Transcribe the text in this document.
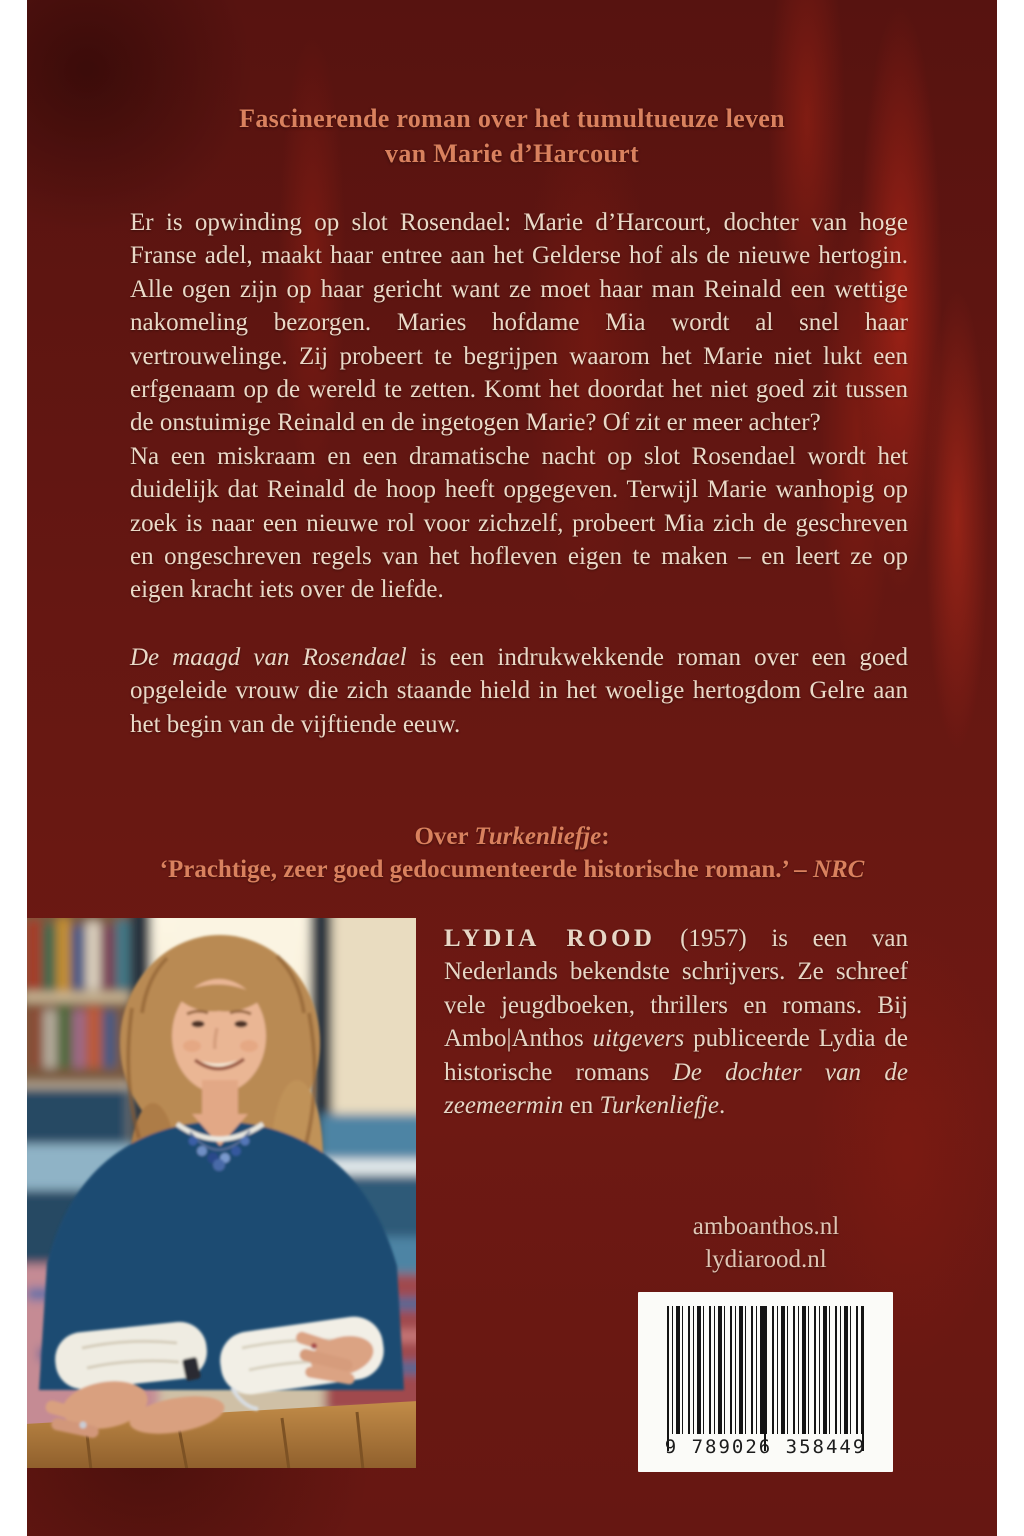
Fascinerende roman over het tumultueuze leven
van Marie d’Harcourt

Er is opwinding op slot Rosendael: Marie d’Harcourt, dochter van hoge Franse adel, maakt haar entree aan het Gelderse hof als de nieuwe hertogin. Alle ogen zijn op haar gericht want ze moet haar man Reinald een wettige nakomeling bezorgen. Maries hofdame Mia wordt al snel haar vertrouwelinge. Zij probeert te begrijpen waarom het Marie niet lukt een erfgenaam op de wereld te zetten. Komt het doordat het niet goed zit tussen de onstuimige Reinald en de ingetogen Marie? Of zit er meer achter?

Na een miskraam en een dramatische nacht op slot Rosendael wordt het duidelijk dat Reinald de hoop heeft opgegeven. Terwijl Marie wanhopig op zoek is naar een nieuwe rol voor zichzelf, probeert Mia zich de geschreven en ongeschreven regels van het hofleven eigen te maken – en leert ze op eigen kracht iets over de liefde.

De maagd van Rosendael is een indrukwekkende roman over een goed opgeleide vrouw die zich staande hield in het woelige hertogdom Gelre aan het begin van de vijftiende eeuw.

Over Turkenliefje:
‘Prachtige, zeer goed gedocumenteerde historische roman.’ – NRC
LYDIA ROOD (1957) is een van Nederlands bekendste schrijvers. Ze schreef vele jeugdboeken, thrillers en romans. Bij Ambo|Anthos uitgevers publiceerde Lydia de historische romans De dochter van de zeemeermin en Turkenliefje.
amboanthos.nl
lydiarood.nl
9 789026 358449
